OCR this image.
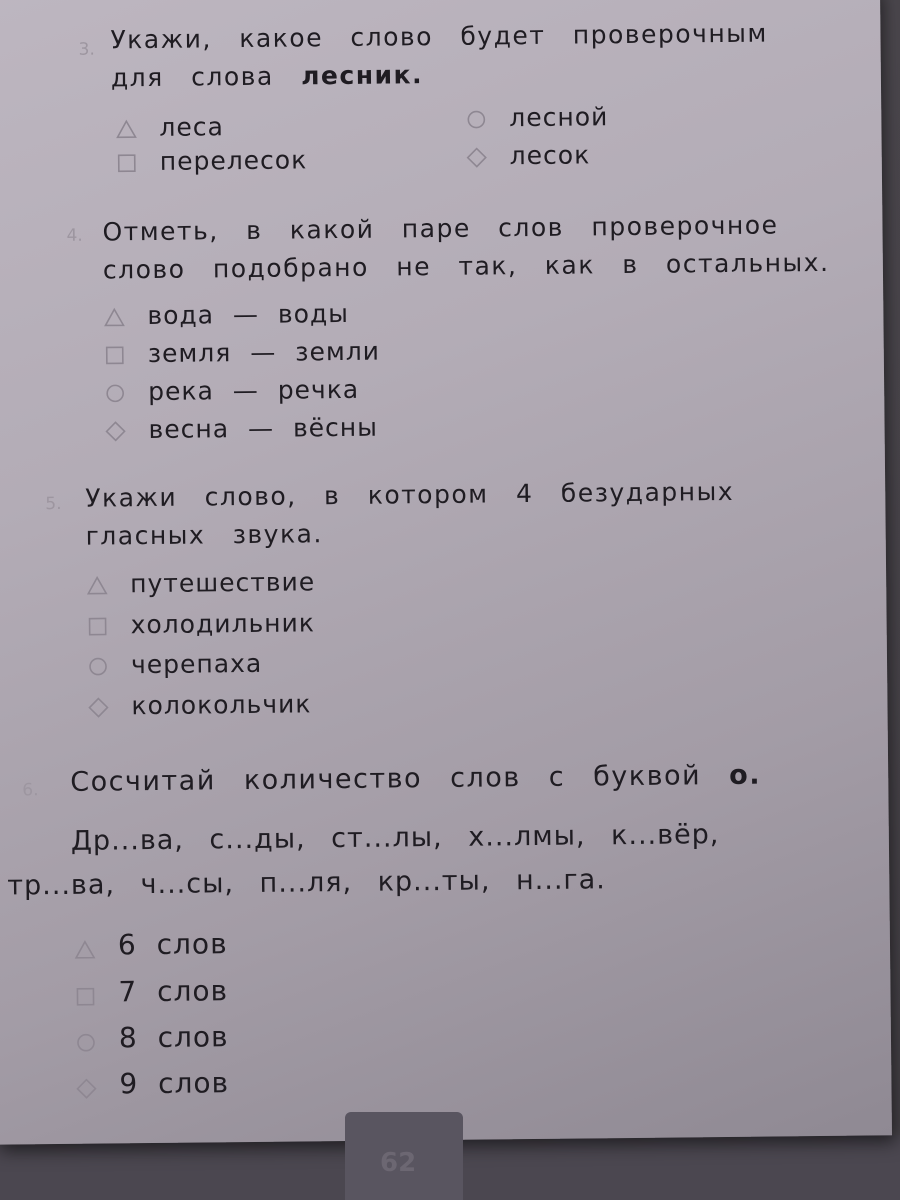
3. Укажи, какое слово будет проверочным
для слова лесник.
леса
перелесок
лесной
лесок
4. Отметь, в какой паре слов проверочное
слово подобрано не так, как в остальных.
вода — воды
земля — земли
река — речка
весна — вёсны
5. Укажи слово, в котором 4 безударных
гласных звука.
путешествие
холодильник
черепаха
колокольчик
6. Сосчитай количество слов с буквой о.
Др...ва, с...ды, ст...лы, х...лмы, к...вёр,
тр...ва, ч...сы, п...ля, кр...ты, н...га.
6 слов
7 слов
8 слов
9 слов
62
